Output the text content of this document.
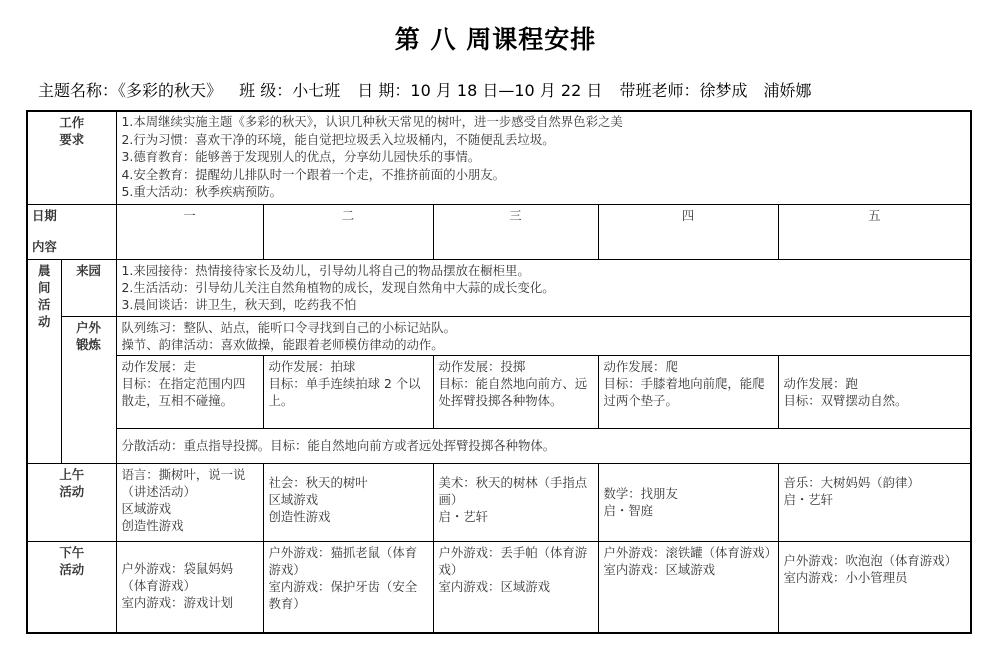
第 八 周课程安排
主题名称：《多彩的秋天》 班 级：小七班 日 期：10 月 18 日—10 月 22 日 带班老师：徐梦成　浦娇娜
工作
要求		1.本周继续实施主题《多彩的秋天》，认识几种秋天常见的树叶，进一步感受自然界色彩之美
2.行为习惯：喜欢干净的环境，能自觉把垃圾丢入垃圾桶内，不随便乱丢垃圾。
3.德育教育：能够善于发现别人的优点，分享幼儿园快乐的事情。
4.安全教育：提醒幼儿排队时一个跟着一个走，不推挤前面的小朋友。
5.重大活动：秋季疾病预防。				

日期
内容		一	二	三	四	五

晨
间
活
动	来园	1.来园接待：热情接待家长及幼儿，引导幼儿将自己的物品摆放在橱柜里。
2.生活活动：引导幼儿关注自然角植物的成长，发现自然角中大蒜的成长变化。
3.晨间谈话：讲卫生，秋天到，吃药我不怕				

	户外
锻炼	队列练习：整队、站点，能听口令寻找到自己的小标记站队。
操节、韵律活动：喜欢做操，能跟着老师模仿律动的动作。				

		动作发展：走
目标：在指定范围内四散走，互相不碰撞。	动作发展：拍球
目标：单手连续拍球 2 个以上。	动作发展：投掷
目标：能自然地向前方、远处挥臂投掷各种物体。	动作发展：爬
目标：手膝着地向前爬，能爬过两个垫子。	动作发展：跑
目标：双臂摆动自然。

		分散活动：重点指导投掷。目标：能自然地向前方或者远处挥臂投掷各种物体。				

上午
活动		语言：撕树叶，说一说（讲述活动）
区域游戏
创造性游戏	社会：秋天的树叶
区域游戏
创造性游戏	美术：秋天的树林（手指点画）
启・艺轩	数学：找朋友
启・智庭	音乐：大树妈妈（韵律）
启・艺轩

下午
活动		户外游戏：袋鼠妈妈（体育游戏）
室内游戏：游戏计划	户外游戏：猫抓老鼠（体育游戏）
室内游戏：保护牙齿（安全教育）	户外游戏：丢手帕（体育游戏）
室内游戏：区域游戏	户外游戏：滚铁罐（体育游戏）
室内游戏：区域游戏	户外游戏：吹泡泡（体育游戏）
室内游戏：小小管理员
